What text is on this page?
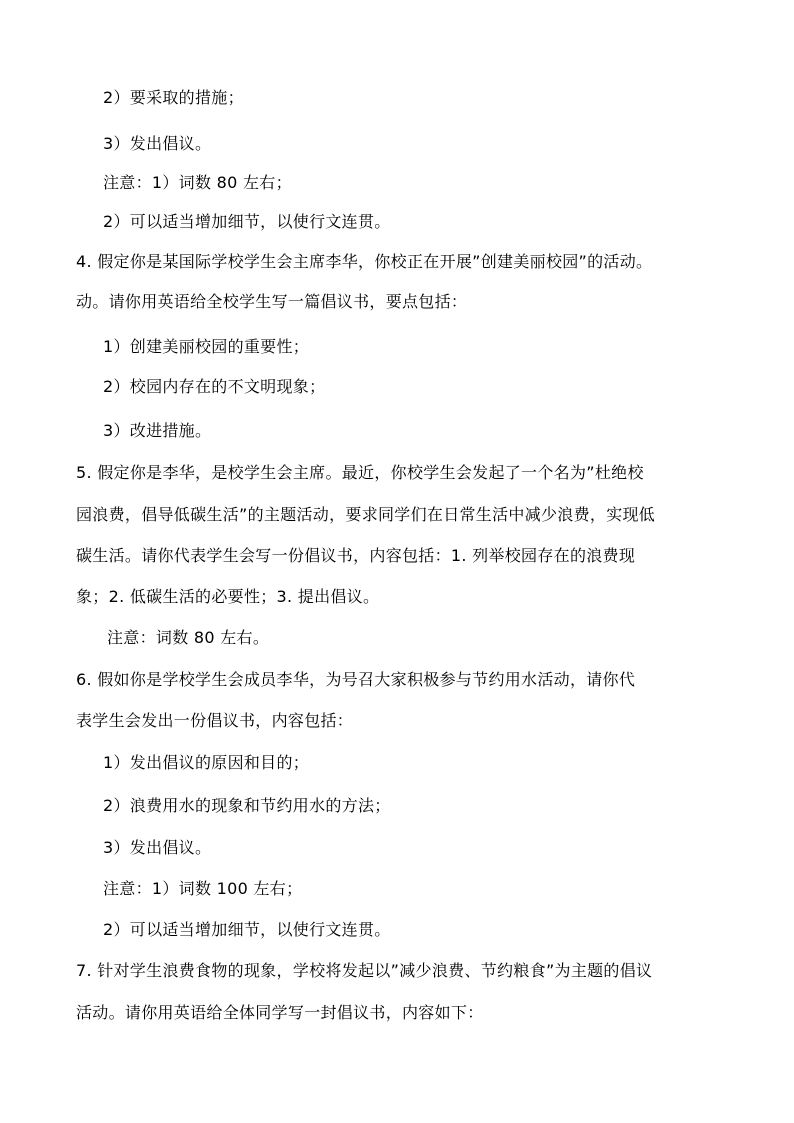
2）要采取的措施；
3）发出倡议。
注意：1）词数 80 左右；
2）可以适当增加细节，以使行文连贯。
4. 假定你是某国际学校学生会主席李华，你校正在开展”创建美丽校园”的活动。
动。请你用英语给全校学生写一篇倡议书，要点包括：
1）创建美丽校园的重要性；
2）校园内存在的不文明现象；
3）改进措施。
5. 假定你是李华，是校学生会主席。最近，你校学生会发起了一个名为”杜绝校
园浪费，倡导低碳生活”的主题活动，要求同学们在日常生活中减少浪费，实现低
碳生活。请你代表学生会写一份倡议书，内容包括：1. 列举校园存在的浪费现
象；2. 低碳生活的必要性；3. 提出倡议。
注意：词数 80 左右。
6. 假如你是学校学生会成员李华，为号召大家积极参与节约用水活动，请你代
表学生会发出一份倡议书，内容包括：
1）发出倡议的原因和目的；
2）浪费用水的现象和节约用水的方法；
3）发出倡议。
注意：1）词数 100 左右；
2）可以适当增加细节，以使行文连贯。
7. 针对学生浪费食物的现象，学校将发起以”减少浪费、节约粮食”为主题的倡议
活动。请你用英语给全体同学写一封倡议书，内容如下：
